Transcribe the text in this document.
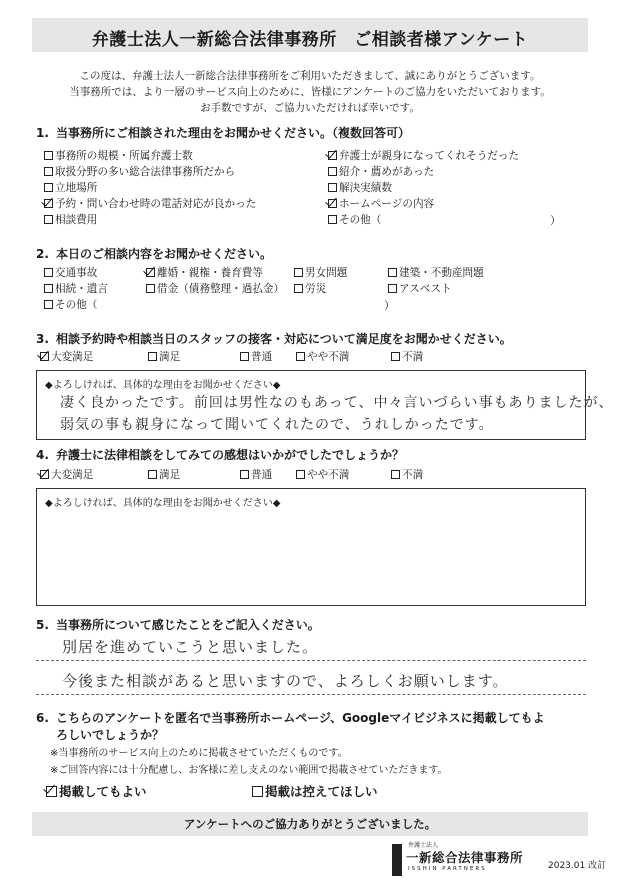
弁護士法人一新総合法律事務所　ご相談者様アンケート
この度は、弁護士法人一新総合法律事務所をご利用いただきまして、誠にありがとうございます。
当事務所では、より一層のサービス向上のために、皆様にアンケートのご協力をいただいております。
お手数ですが、ご協力いただければ幸いです。
1. 当事務所にご相談された理由をお聞かせください。（複数回答可）
事務所の規模・所属弁護士数	弁護士が親身になってくれそうだった
取扱分野の多い総合法律事務所だから	紹介・薦めがあった
立地場所	解決実績数
予約・問い合わせ時の電話対応が良かった	ホームページの内容
相談費用	その他（	）
2. 本日のご相談内容をお聞かせください。
交通事故	離婚・親権・養育費等	男女問題	建築・不動産問題
相続・遺言	借金（債務整理・過払金） 労災	アスベスト
その他（	）
3. 相談予約時や相談当日のスタッフの接客・対応について満足度をお聞かせください。
大変満足	満足	普通	やや不満	不満
◆よろしければ、具体的な理由をお聞かせください◆
凄く良かったです。前回は男性なのもあって、中々言いづらい事もありましたが、
弱気の事も親身になって聞いてくれたので、うれしかったです。
4. 弁護士に法律相談をしてみての感想はいかがでしたでしょうか？
大変満足	満足	普通	やや不満	不満
◆よろしければ、具体的な理由をお聞かせください◆
5. 当事務所について感じたことをご記入ください。
別居を進めていこうと思いました。
今後また相談があると思いますので、よろしくお願いします。
6. こちらのアンケートを匿名で当事務所ホームページ、Googleマイビジネスに掲載してもよ
ろしいでしょうか？
※当事務所のサービス向上のために掲載させていただくものです。
※ご回答内容には十分配慮し、お客様に差し支えのない範囲で掲載させていただきます。
掲載してもよい	掲載は控えてほしい
アンケートへのご協力ありがとうございました。
弁護士法人
一新総合法律事務所
ISSHIN PARTNERS	2023.01 改訂
